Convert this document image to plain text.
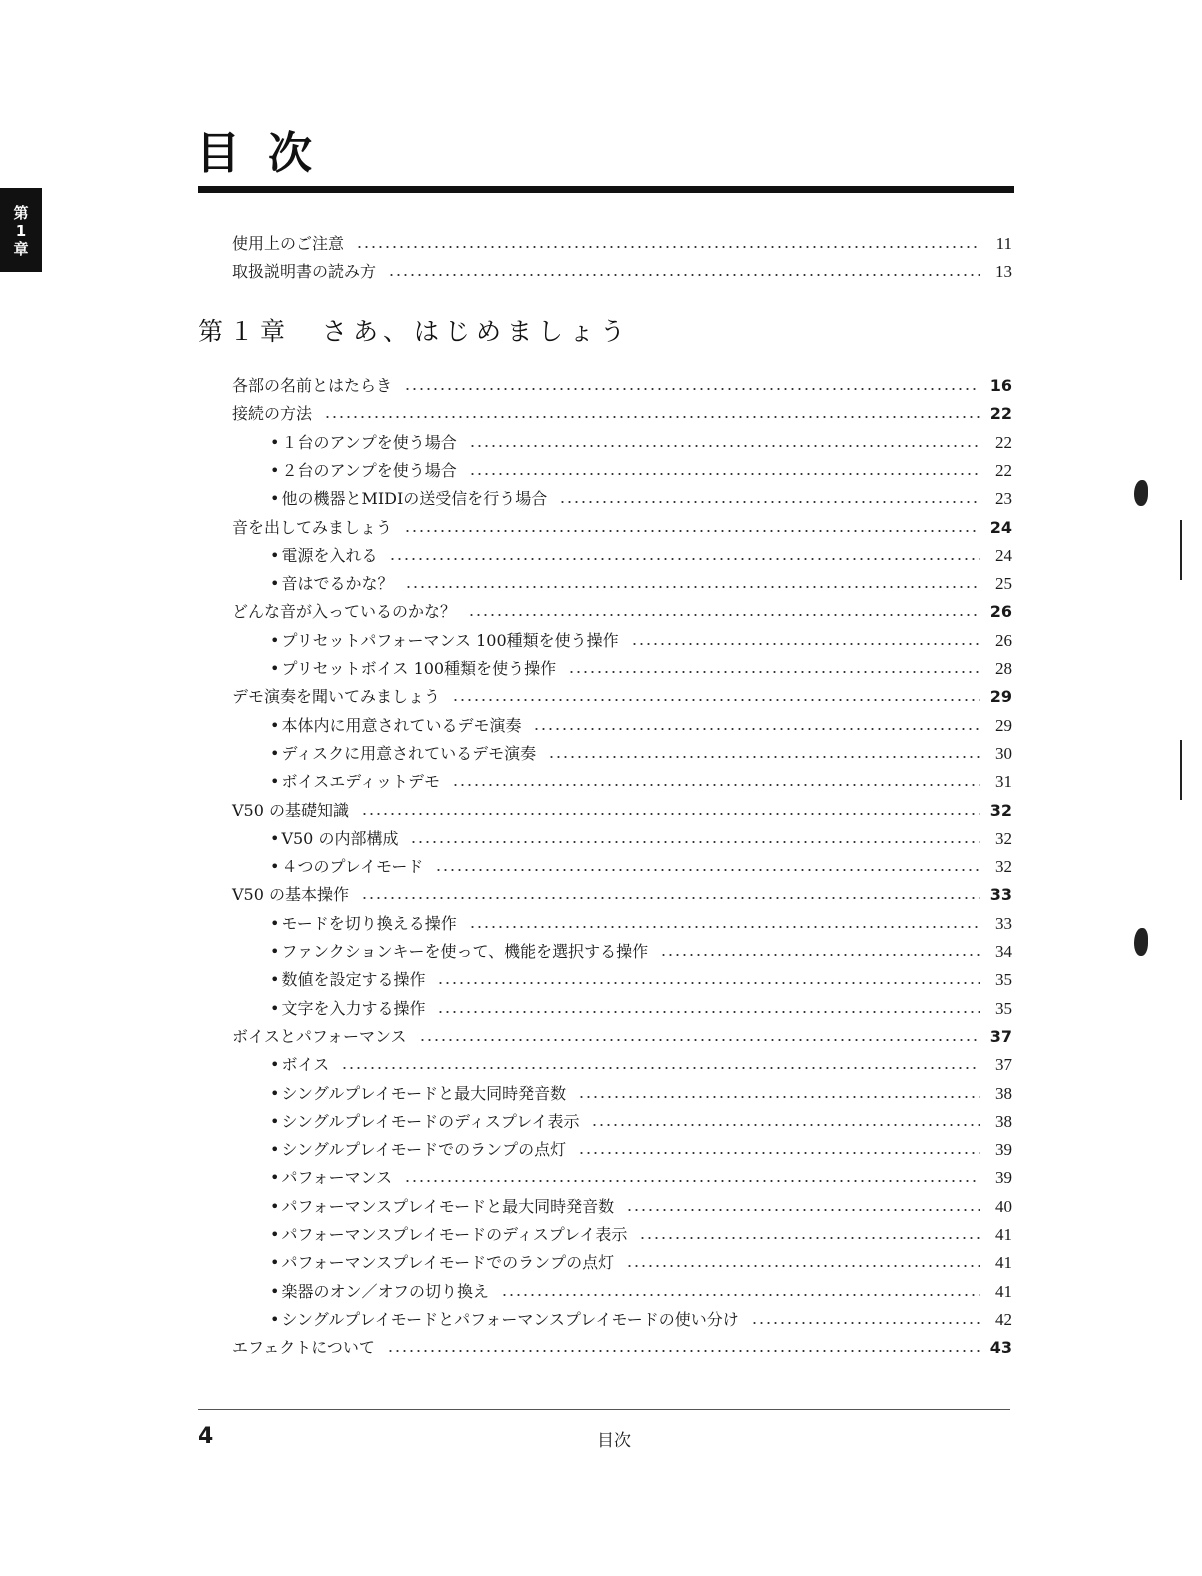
第
1
章
目次
使用上のご注意	11
取扱説明書の読み方	13
第１章　さあ、はじめましょう
各部の名前とはたらき	16
接続の方法	22
• １台のアンプを使う場合	22
• ２台のアンプを使う場合	22
• 他の機器とMIDIの送受信を行う場合	23
音を出してみましょう	24
• 電源を入れる	24
• 音はでるかな？	25
どんな音が入っているのかな？	26
• プリセットパフォーマンス 100種類を使う操作	26
• プリセットボイス 100種類を使う操作	28
デモ演奏を聞いてみましょう	29
• 本体内に用意されているデモ演奏	29
• ディスクに用意されているデモ演奏	30
• ボイスエディットデモ	31
V50 の基礎知識	32
• V50 の内部構成	32
• ４つのプレイモード	32
V50 の基本操作	33
• モードを切り換える操作	33
• ファンクションキーを使って、機能を選択する操作	34
• 数値を設定する操作	35
• 文字を入力する操作	35
ボイスとパフォーマンス	37
• ボイス	37
• シングルプレイモードと最大同時発音数	38
• シングルプレイモードのディスプレイ表示	38
• シングルプレイモードでのランプの点灯	39
• パフォーマンス	39
• パフォーマンスプレイモードと最大同時発音数	40
• パフォーマンスプレイモードのディスプレイ表示	41
• パフォーマンスプレイモードでのランプの点灯	41
• 楽器のオン／オフの切り換え	41
• シングルプレイモードとパフォーマンスプレイモードの使い分け	42
エフェクトについて	43
4	目次
